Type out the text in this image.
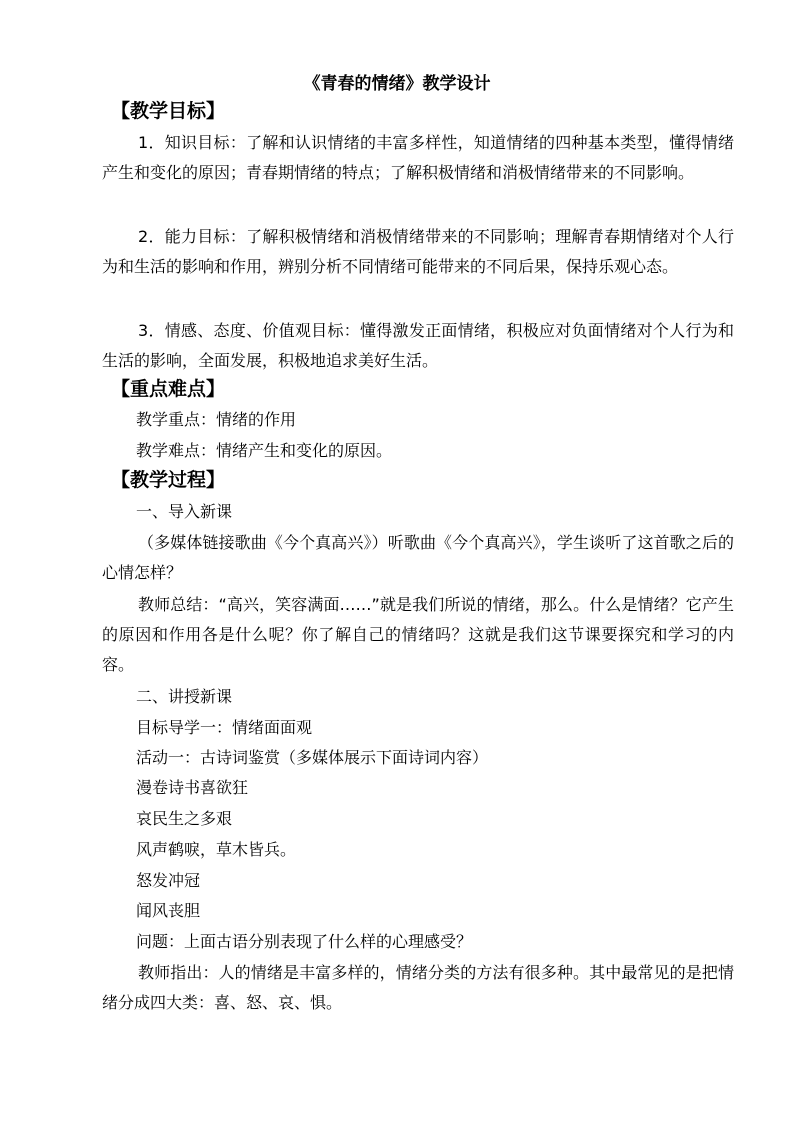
《青春的情绪》教学设计
【教学目标】
1．知识目标：了解和认识情绪的丰富多样性，知道情绪的四种基本类型，懂得情绪产生和变化的原因；青春期情绪的特点；了解积极情绪和消极情绪带来的不同影响。
2．能力目标：了解积极情绪和消极情绪带来的不同影响；理解青春期情绪对个人行为和生活的影响和作用，辨别分析不同情绪可能带来的不同后果，保持乐观心态。
3．情感、态度、价值观目标：懂得激发正面情绪，积极应对负面情绪对个人行为和生活的影响，全面发展，积极地追求美好生活。
【重点难点】
教学重点：情绪的作用
教学难点：情绪产生和变化的原因。
【教学过程】
一、导入新课
（多媒体链接歌曲《今个真高兴》）听歌曲《今个真高兴》，学生谈听了这首歌之后的心情怎样？
教师总结：“高兴，笑容满面……”就是我们所说的情绪，那么。什么是情绪？它产生的原因和作用各是什么呢？你了解自己的情绪吗？这就是我们这节课要探究和学习的内容。
二、讲授新课
目标导学一：情绪面面观
活动一：古诗词鉴赏（多媒体展示下面诗词内容）
漫卷诗书喜欲狂
哀民生之多艰
风声鹤唳，草木皆兵。
怒发冲冠
闻风丧胆
问题：上面古语分别表现了什么样的心理感受？
教师指出：人的情绪是丰富多样的，情绪分类的方法有很多种。其中最常见的是把情绪分成四大类：喜、怒、哀、惧。
